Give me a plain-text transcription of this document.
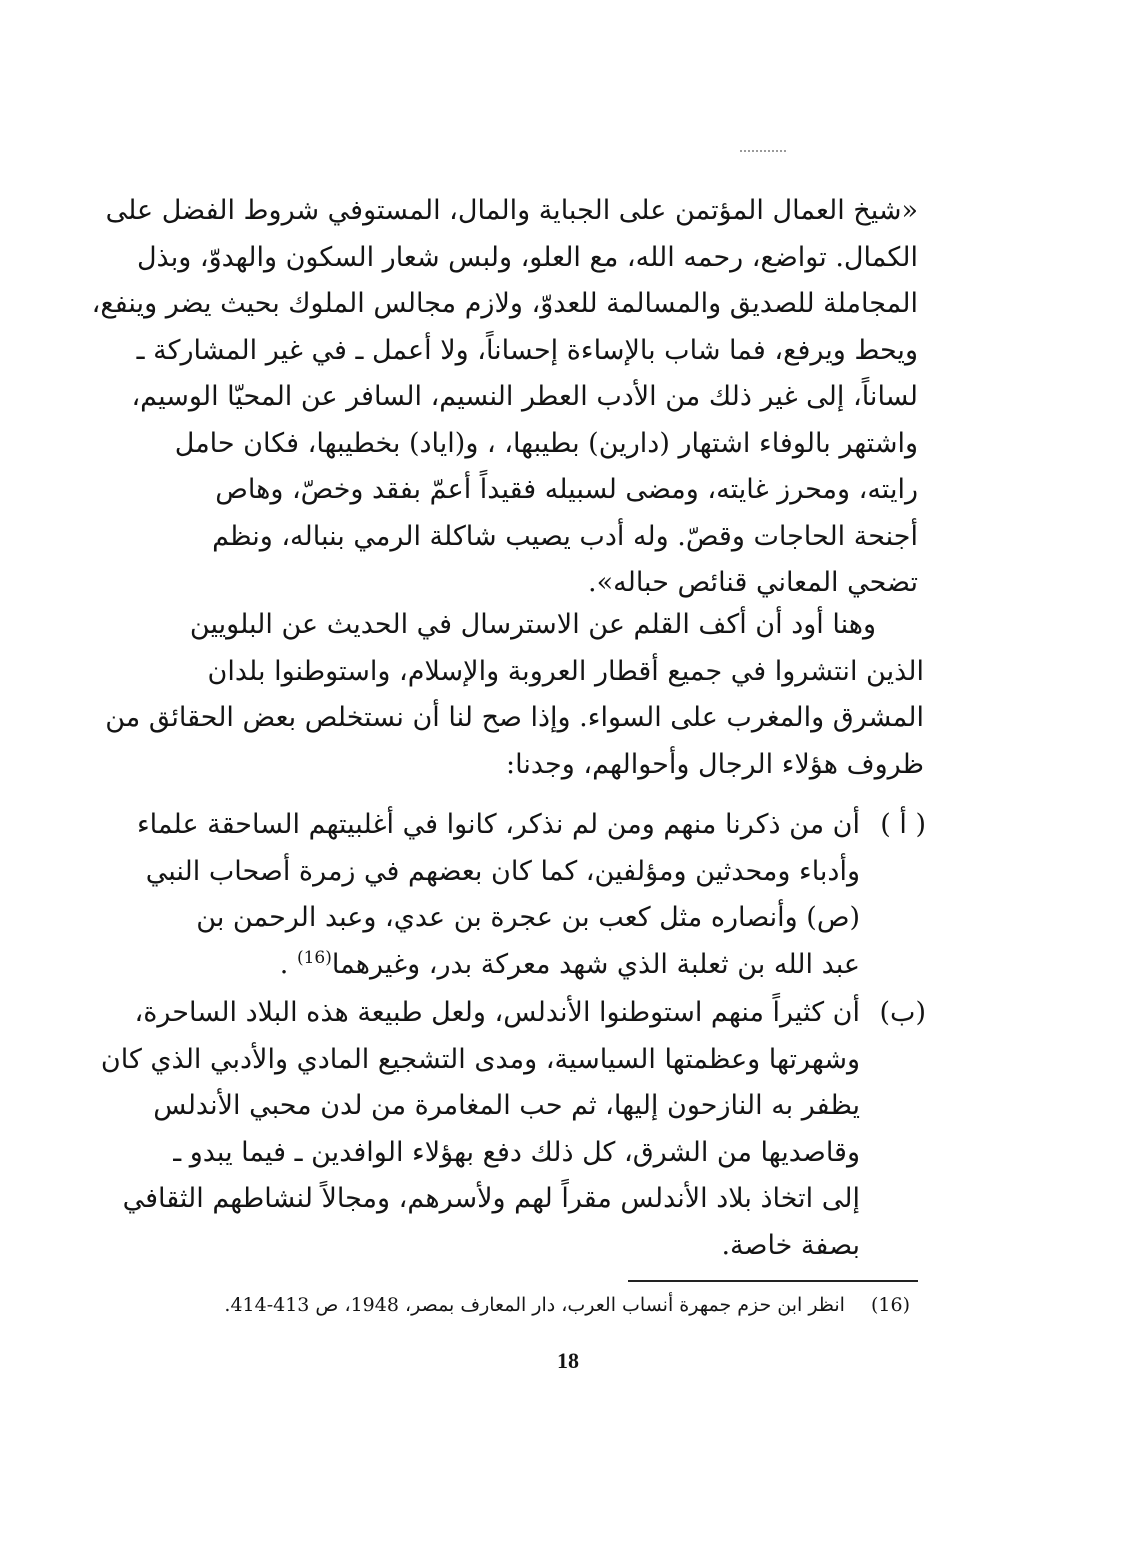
«شيخ العمال المؤتمن على الجباية والمال، المستوفي شروط الفضل على
الكمال. تواضع، رحمه الله، مع العلو، ولبس شعار السكون والهدوّ، وبذل
المجاملة للصديق والمسالمة للعدوّ، ولازم مجالس الملوك بحيث يضر وينفع،
ويحط ويرفع، فما شاب بالإساءة إحساناً، ولا أعمل ـ في غير المشاركة ـ
لساناً، إلى غير ذلك من الأدب العطر النسيم، السافر عن المحيّا الوسيم،
واشتهر بالوفاء اشتهار (دارين) بطيبها، ، و(اياد) بخطيبها، فكان حامل
رايته، ومحرز غايته، ومضى لسبيله فقيداً أعمّ بفقد وخصّ، وهاص
أجنحة الحاجات وقصّ. وله أدب يصيب شاكلة الرمي بنباله، ونظم
تضحي المعاني قنائص حباله».
وهنا أود أن أكف القلم عن الاسترسال في الحديث عن البلويين
الذين انتشروا في جميع أقطار العروبة والإسلام، واستوطنوا بلدان
المشرق والمغرب على السواء. وإذا صح لنا أن نستخلص بعض الحقائق من
ظروف هؤلاء الرجال وأحوالهم، وجدنا:
( أ )
أن من ذكرنا منهم ومن لم نذكر، كانوا في أغلبيتهم الساحقة علماء
وأدباء ومحدثين ومؤلفين، كما كان بعضهم في زمرة أصحاب النبي
(ص) وأنصاره مثل كعب بن عجرة بن عدي، وعبد الرحمن بن
عبد الله بن ثعلبة الذي شهد معركة بدر، وغيرهما$^{(16)}$ .
(ب)
أن كثيراً منهم استوطنوا الأندلس، ولعل طبيعة هذه البلاد الساحرة،
وشهرتها وعظمتها السياسية، ومدى التشجيع المادي والأدبي الذي كان
يظفر به النازحون إليها، ثم حب المغامرة من لدن محبي الأندلس
وقاصديها من الشرق، كل ذلك دفع بهؤلاء الوافدين ـ فيما يبدو ـ
إلى اتخاذ بلاد الأندلس مقراً لهم ولأسرهم، ومجالاً لنشاطهم الثقافي
بصفة خاصة.
(16)انظر ابن حزم جمهرة أنساب العرب، دار المعارف بمصر، 1948، ص 413-414.
18
